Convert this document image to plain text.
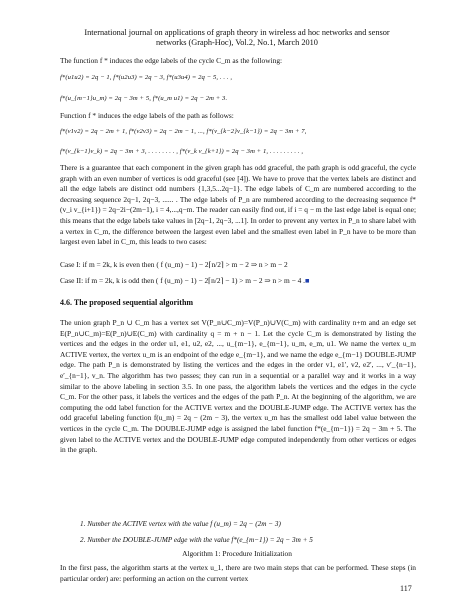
International journal on applications of graph theory in wireless ad hoc networks and sensor
networks (Graph-Hoc), Vol.2, No.1, March 2010
The function f * induces the edge labels of the cycle C_m as the following:
f*(u1u2) = 2q − 1, f*(u2u3) = 2q − 3, f*(u3u4) = 2q − 5, . . . ,
f*(u_{m−1}u_m) = 2q − 3m + 5, f*(u_m u1) = 2q − 2m + 3.
Function f * induces the edge labels of the path as follows:
f*(v1v2) = 2q − 2m + 1, f*(v2v3) = 2q − 2m − 1, ..., f*(v_{k−2}v_{k−1}) = 2q − 3m + 7,
f*(v_{k−1}v_k) = 2q − 3m + 3, . . . . . . . . , f*(v_k v_{k+1}) = 2q − 3m + 1, . . . . . . . . . ,

There is a guarantee that each component in the given graph has odd graceful, the path graph is odd graceful, the cycle graph with an even number of vertices is odd graceful (see [4]). We have to prove that the vertex labels are distinct and all the edge labels are distinct odd numbers {1,3,5...2q−1}. The edge labels of C_m are numbered according to the decreasing sequence 2q−1, 2q−3, ...... . The edge labels of P_n are numbered according to the decreasing sequence f*(v_i v_{i+1}) = 2q−2i−(2m−1), i = 4,...,q−m. The reader can easily find out, if i = q − m the last edge label is equal one; this means that the edge labels take values in [2q−1, 2q−3, ...1]. In order to prevent any vertex in P_n to share label with a vertex in C_m, the difference between the largest even label and the smallest even label in P_n have to be more than largest even label in C_m, this leads to two cases:

Case I: if m = 2k, k is even then ( f (u_m) − 1) − 2⌈n/2⌉ > m − 2 ⇒ n > m − 2
Case II: if m = 2k, k is odd then ( f (u_m) − 1) − 2⌈n/2⌉ − 1) > m − 2 ⇒ n > m − 4 .■
4.6. The proposed sequential algorithm

The union graph P_n ∪ C_m has a vertex set V(P_n∪C_m)=V(P_n)∪V(C_m) with cardinality n+m and an edge set E(P_n∪C_m)=E(P_n)∪E(C_m) with cardinality q = m + n − 1. Let the cycle C_m is demonstrated by listing the vertices and the edges in the order u1, e1, u2, e2, ..., u_{m−1}, e_{m−1}, u_m, e_m, u1. We name the vertex u_m ACTIVE vertex, the vertex u_m is an endpoint of the edge e_{m−1}, and we name the edge e_{m−1} DOUBLE-JUMP edge. The path P_n is demonstrated by listing the vertices and the edges in the order v1, e1′, v2, e2′, ..., v′_{n−1}, e′_{n−1}, v_n. The algorithm has two passes; they can run in a sequential or a parallel way and it works in a way similar to the above labeling in section 3.5. In one pass, the algorithm labels the vertices and the edges in the cycle C_m. For the other pass, it labels the vertices and the edges of the path P_n. At the beginning of the algorithm, we are computing the odd label function for the ACTIVE vertex and the DOUBLE-JUMP edge. The ACTIVE vertex has the odd graceful labeling function f(u_m) = 2q − (2m − 3), the vertex u_m has the smallest odd label value between the vertices in the cycle C_m. The DOUBLE-JUMP edge is assigned the label function f*(e_{m−1}) = 2q − 3m + 5. The given label to the ACTIVE vertex and the DOUBLE-JUMP edge computed independently from other vertices or edges in the graph.

1. Number the ACTIVE vertex with the value f (u_m) = 2q − (2m − 3)
2. Number the DOUBLE-JUMP edge with the value f*(e_{m−1}) = 2q − 3m + 5
Algorithm 1: Procedure Initialization

In the first pass, the algorithm starts at the vertex u_1, there are two main steps that can be performed. These steps (in particular order) are: performing an action on the current vertex

117
